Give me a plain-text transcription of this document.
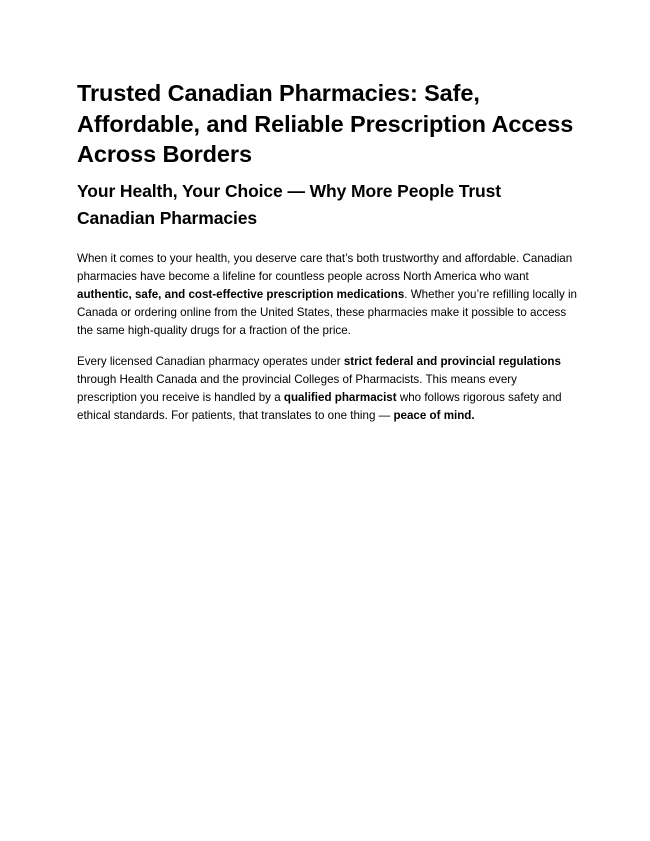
Trusted Canadian Pharmacies: Safe, Affordable, and Reliable Prescription Access Across Borders
Your Health, Your Choice — Why More People Trust Canadian Pharmacies

When it comes to your health, you deserve care that’s both trustworthy and affordable. Canadian pharmacies have become a lifeline for countless people across North America who want authentic, safe, and cost-effective prescription medications. Whether you’re refilling locally in Canada or ordering online from the United States, these pharmacies make it possible to access the same high-quality drugs for a fraction of the price.

Every licensed Canadian pharmacy operates under strict federal and provincial regulations through Health Canada and the provincial Colleges of Pharmacists. This means every prescription you receive is handled by a qualified pharmacist who follows rigorous safety and ethical standards. For patients, that translates to one thing — peace of mind.
